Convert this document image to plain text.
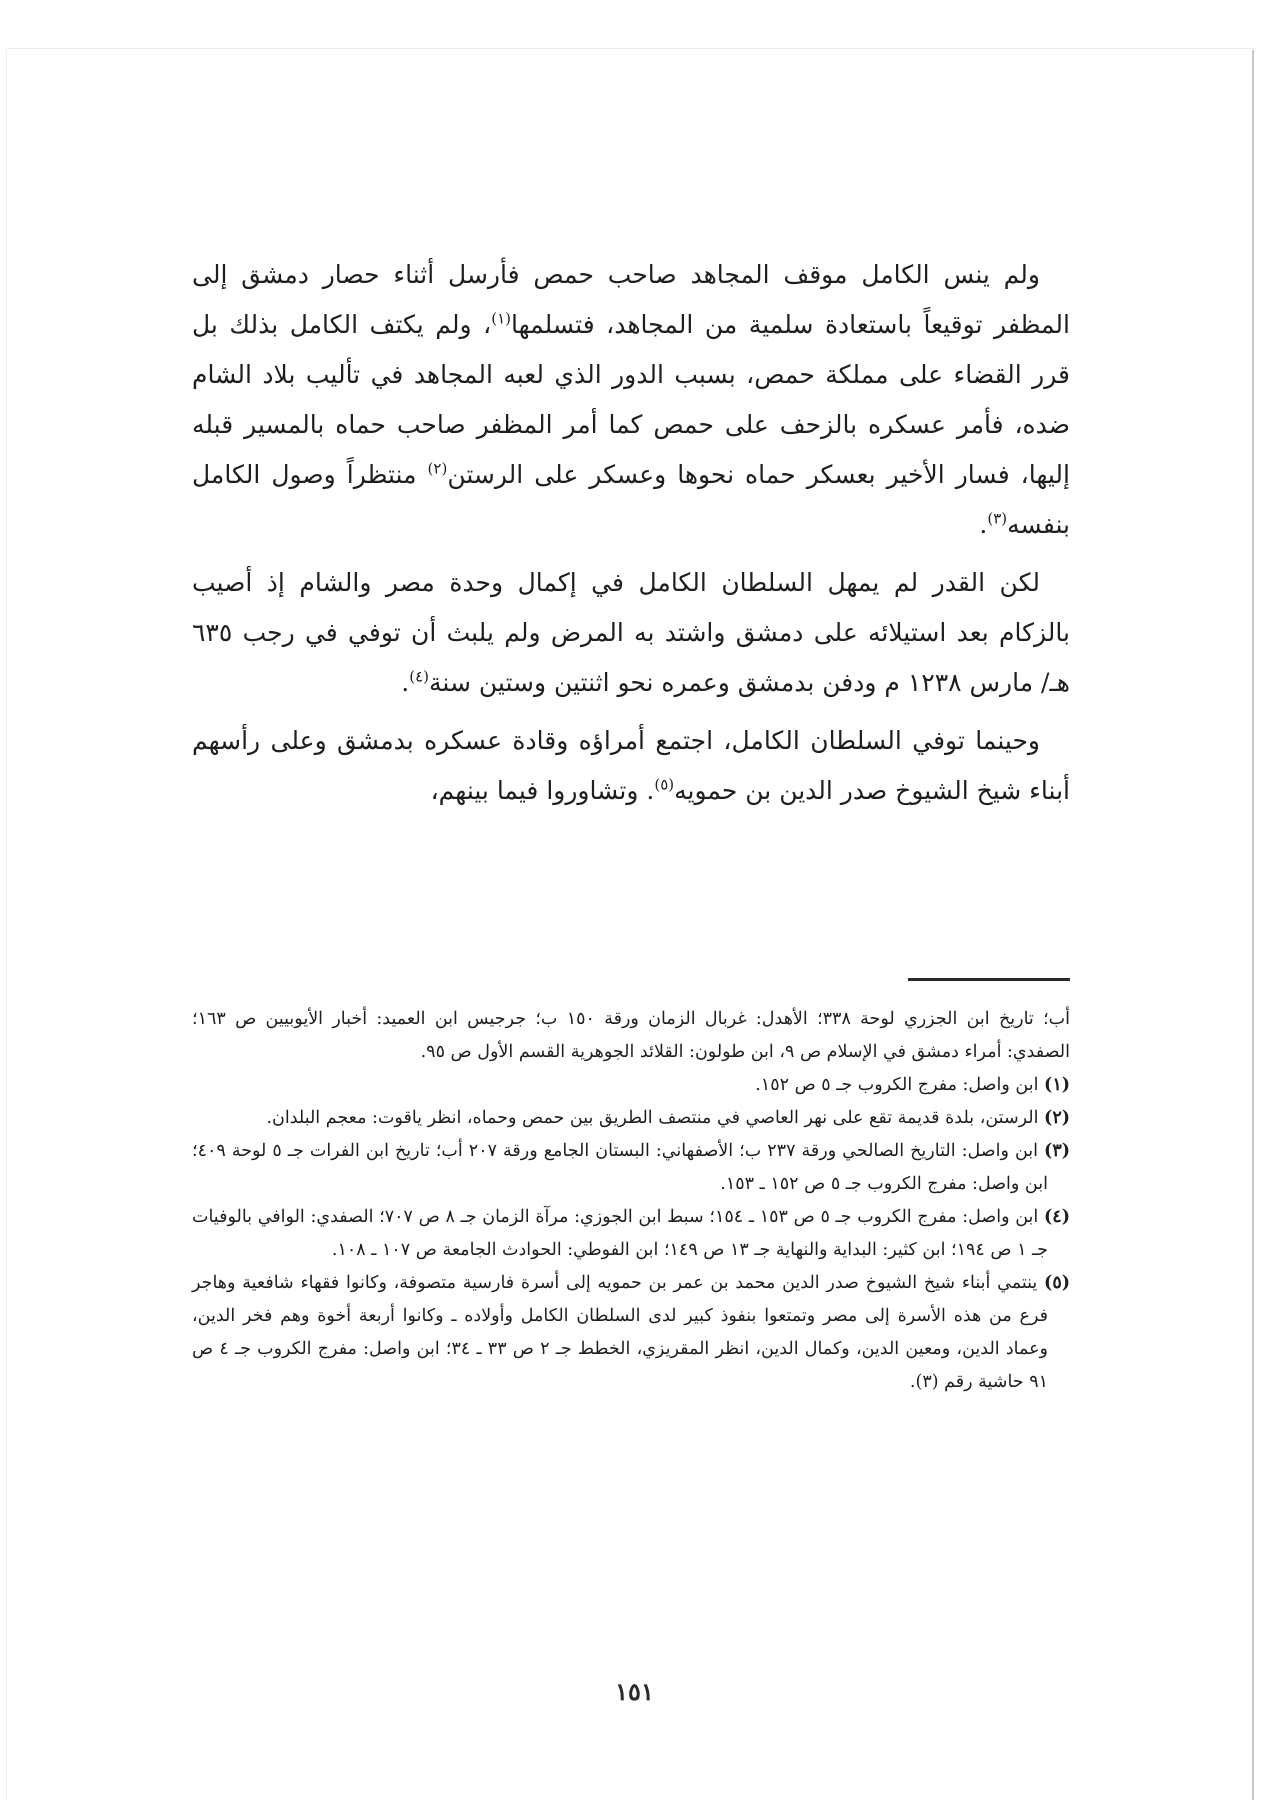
ولم ينس الكامل موقف المجاهد صاحب حمص فأرسل أثناء حصار دمشق إلى المظفر توقيعاً باستعادة سلمية من المجاهد، فتسلمها$^{(١)}$، ولم يكتف الكامل بذلك بل قرر القضاء على مملكة حمص، بسبب الدور الذي لعبه المجاهد في تأليب بلاد الشام ضده، فأمر عسكره بالزحف على حمص كما أمر المظفر صاحب حماه بالمسير قبله إليها، فسار الأخير بعسكر حماه نحوها وعسكر على الرستن$^{(٢)}$ منتظراً وصول الكامل بنفسه$^{(٣)}$.

لكن القدر لم يمهل السلطان الكامل في إكمال وحدة مصر والشام إذ أصيب بالزكام بعد استيلائه على دمشق واشتد به المرض ولم يلبث أن توفي في رجب ٦٣٥ هـ/ مارس ١٢٣٨ م ودفن بدمشق وعمره نحو اثنتين وستين سنة$^{(٤)}$.

وحينما توفي السلطان الكامل، اجتمع أمراؤه وقادة عسكره بدمشق وعلى رأسهم أبناء شيخ الشيوخ صدر الدين بن حمويه$^{(٥)}$. وتشاوروا فيما بينهم،

أب؛ تاريخ ابن الجزري لوحة ٣٣٨؛ الأهدل: غربال الزمان ورقة ١٥٠ ب؛ جرجيس ابن العميد: أخبار الأيوبيين ص ١٦٣؛ الصفدي: أمراء دمشق في الإسلام ص ٩، ابن طولون: القلائد الجوهرية القسم الأول ص ٩٥.

(١) ابن واصل: مفرج الكروب جـ ٥ ص ١٥٢.

(٢) الرستن، بلدة قديمة تقع على نهر العاصي في منتصف الطريق بين حمص وحماه، انظر ياقوت: معجم البلدان.

(٣) ابن واصل: التاريخ الصالحي ورقة ٢٣٧ ب؛ الأصفهاني: البستان الجامع ورقة ٢٠٧ أب؛ تاريخ ابن الفرات جـ ٥ لوحة ٤٠٩؛ ابن واصل: مفرج الكروب جـ ٥ ص ١٥٢ ـ ١٥٣.

(٤) ابن واصل: مفرج الكروب جـ ٥ ص ١٥٣ ـ ١٥٤؛ سبط ابن الجوزي: مرآة الزمان جـ ٨ ص ٧٠٧؛ الصفدي: الوافي بالوفيات جـ ١ ص ١٩٤؛ ابن كثير: البداية والنهاية جـ ١٣ ص ١٤٩؛ ابن الفوطي: الحوادث الجامعة ص ١٠٧ ـ ١٠٨.

(٥) ينتمي أبناء شيخ الشيوخ صدر الدين محمد بن عمر بن حمويه إلى أسرة فارسية متصوفة، وكانوا فقهاء شافعية وهاجر فرع من هذه الأسرة إلى مصر وتمتعوا بنفوذ كبير لدى السلطان الكامل وأولاده ـ وكانوا أربعة أخوة وهم فخر الدين، وعماد الدين، ومعين الدين، وكمال الدين، انظر المقريزي، الخطط جـ ٢ ص ٣٣ ـ ٣٤؛ ابن واصل: مفرج الكروب جـ ٤ ص ٩١ حاشية رقم (٣).

١٥١
